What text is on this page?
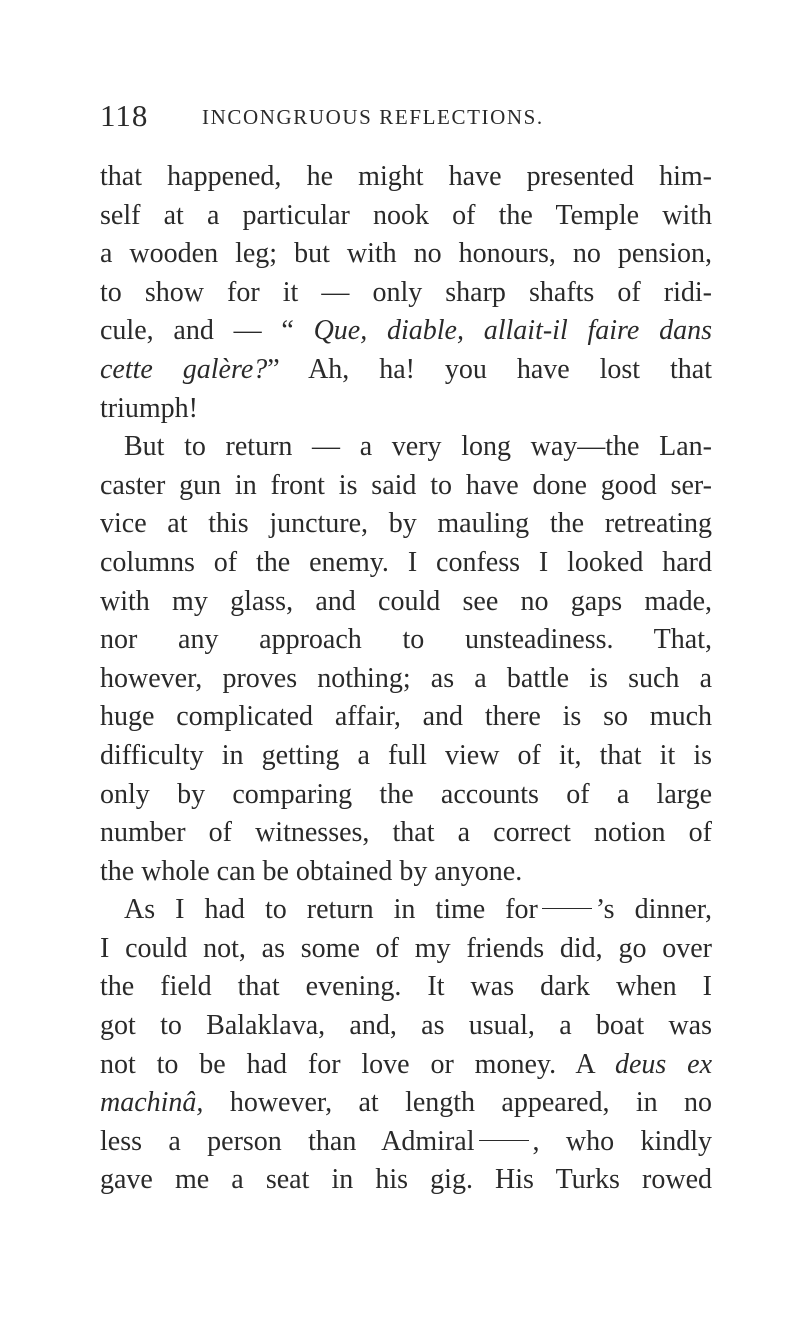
118	INCONGRUOUS REFLECTIONS.
that happened, he might have presented him-
self at a particular nook of the Temple with
a wooden leg; but with no honours, no pension,
to show for it — only sharp shafts of ridi-
cule, and — “ Que, diable, allait-il faire dans
cette galère?” Ah, ha! you have lost that
triumph!
But to return — a very long way—the Lan-
caster gun in front is said to have done good ser-
vice at this juncture, by mauling the retreating
columns of the enemy. I confess I looked hard
with my glass, and could see no gaps made,
nor any approach to unsteadiness. That,
however, proves nothing; as a battle is such a
huge complicated affair, and there is so much
difficulty in getting a full view of it, that it is
only by comparing the accounts of a large
number of witnesses, that a correct notion of
the whole can be obtained by anyone.
As I had to return in time for ’s dinner,
I could not, as some of my friends did, go over
the field that evening. It was dark when I
got to Balaklava, and, as usual, a boat was
not to be had for love or money. A deus ex
machinâ, however, at length appeared, in no
less a person than Admiral , who kindly
gave me a seat in his gig. His Turks rowed
